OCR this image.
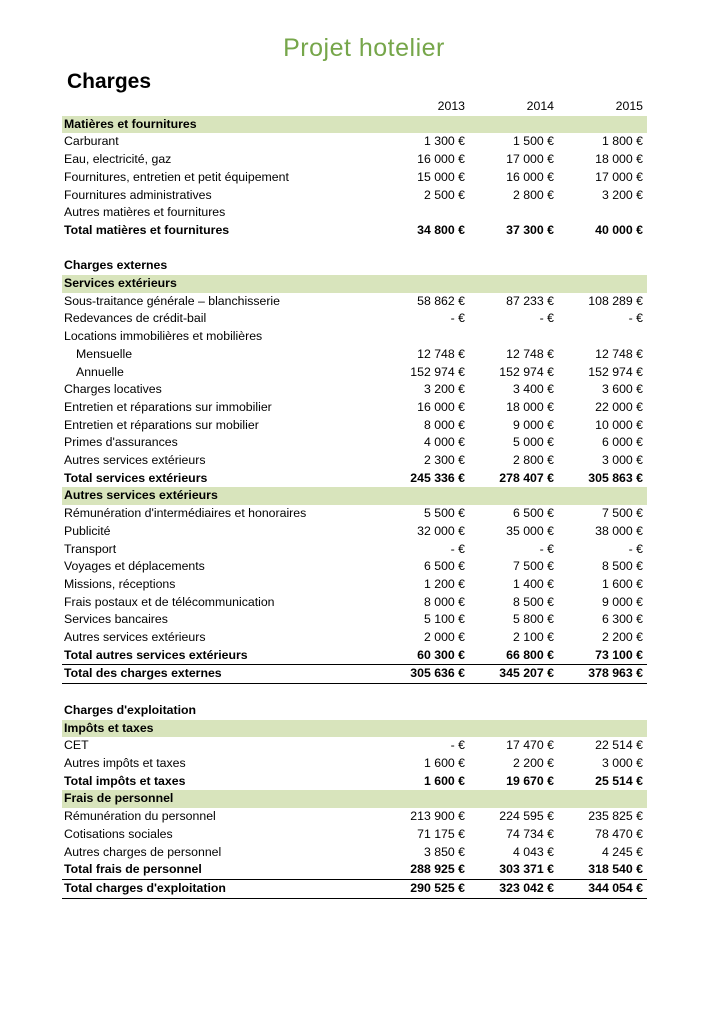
Projet hotelier
Charges
	2013	2014	2015
Matières et fournitures			
Carburant	1 300 €	1 500 €	1 800 €
Eau, electricité, gaz	16 000 €	17 000 €	18 000 €
Fournitures, entretien et petit équipement	15 000 €	16 000 €	17 000 €
Fournitures administratives	2 500 €	2 800 €	3 200 €
Autres matières et fournitures			
Total matières et fournitures	34 800 €	37 300 €	40 000 €

Charges externes			
Services extérieurs			
Sous-traitance générale – blanchisserie	58 862 €	87 233 €	108 289 €
Redevances de crédit-bail	- €	- €	- €
Locations immobilières et mobilières			
Mensuelle	12 748 €	12 748 €	12 748 €
Annuelle	152 974 €	152 974 €	152 974 €
Charges locatives	3 200 €	3 400 €	3 600 €
Entretien et réparations sur immobilier	16 000 €	18 000 €	22 000 €
Entretien et réparations sur mobilier	8 000 €	9 000 €	10 000 €
Primes d'assurances	4 000 €	5 000 €	6 000 €
Autres services extérieurs	2 300 €	2 800 €	3 000 €
Total services extérieurs	245 336 €	278 407 €	305 863 €
Autres services extérieurs			
Rémunération d'intermédiaires et honoraires	5 500 €	6 500 €	7 500 €
Publicité	32 000 €	35 000 €	38 000 €
Transport	- €	- €	- €
Voyages et déplacements	6 500 €	7 500 €	8 500 €
Missions, réceptions	1 200 €	1 400 €	1 600 €
Frais postaux et de télécommunication	8 000 €	8 500 €	9 000 €
Services bancaires	5 100 €	5 800 €	6 300 €
Autres services extérieurs	2 000 €	2 100 €	2 200 €
Total autres services extérieurs	60 300 €	66 800 €	73 100 €
Total des charges externes	305 636 €	345 207 €	378 963 €

Charges d'exploitation			
Impôts et taxes			
CET	- €	17 470 €	22 514 €
Autres impôts et taxes	1 600 €	2 200 €	3 000 €
Total impôts et taxes	1 600 €	19 670 €	25 514 €
Frais de personnel			
Rémunération du personnel	213 900 €	224 595 €	235 825 €
Cotisations sociales	71 175 €	74 734 €	78 470 €
Autres charges de personnel	3 850 €	4 043 €	4 245 €
Total frais de personnel	288 925 €	303 371 €	318 540 €
Total charges d'exploitation	290 525 €	323 042 €	344 054 €
